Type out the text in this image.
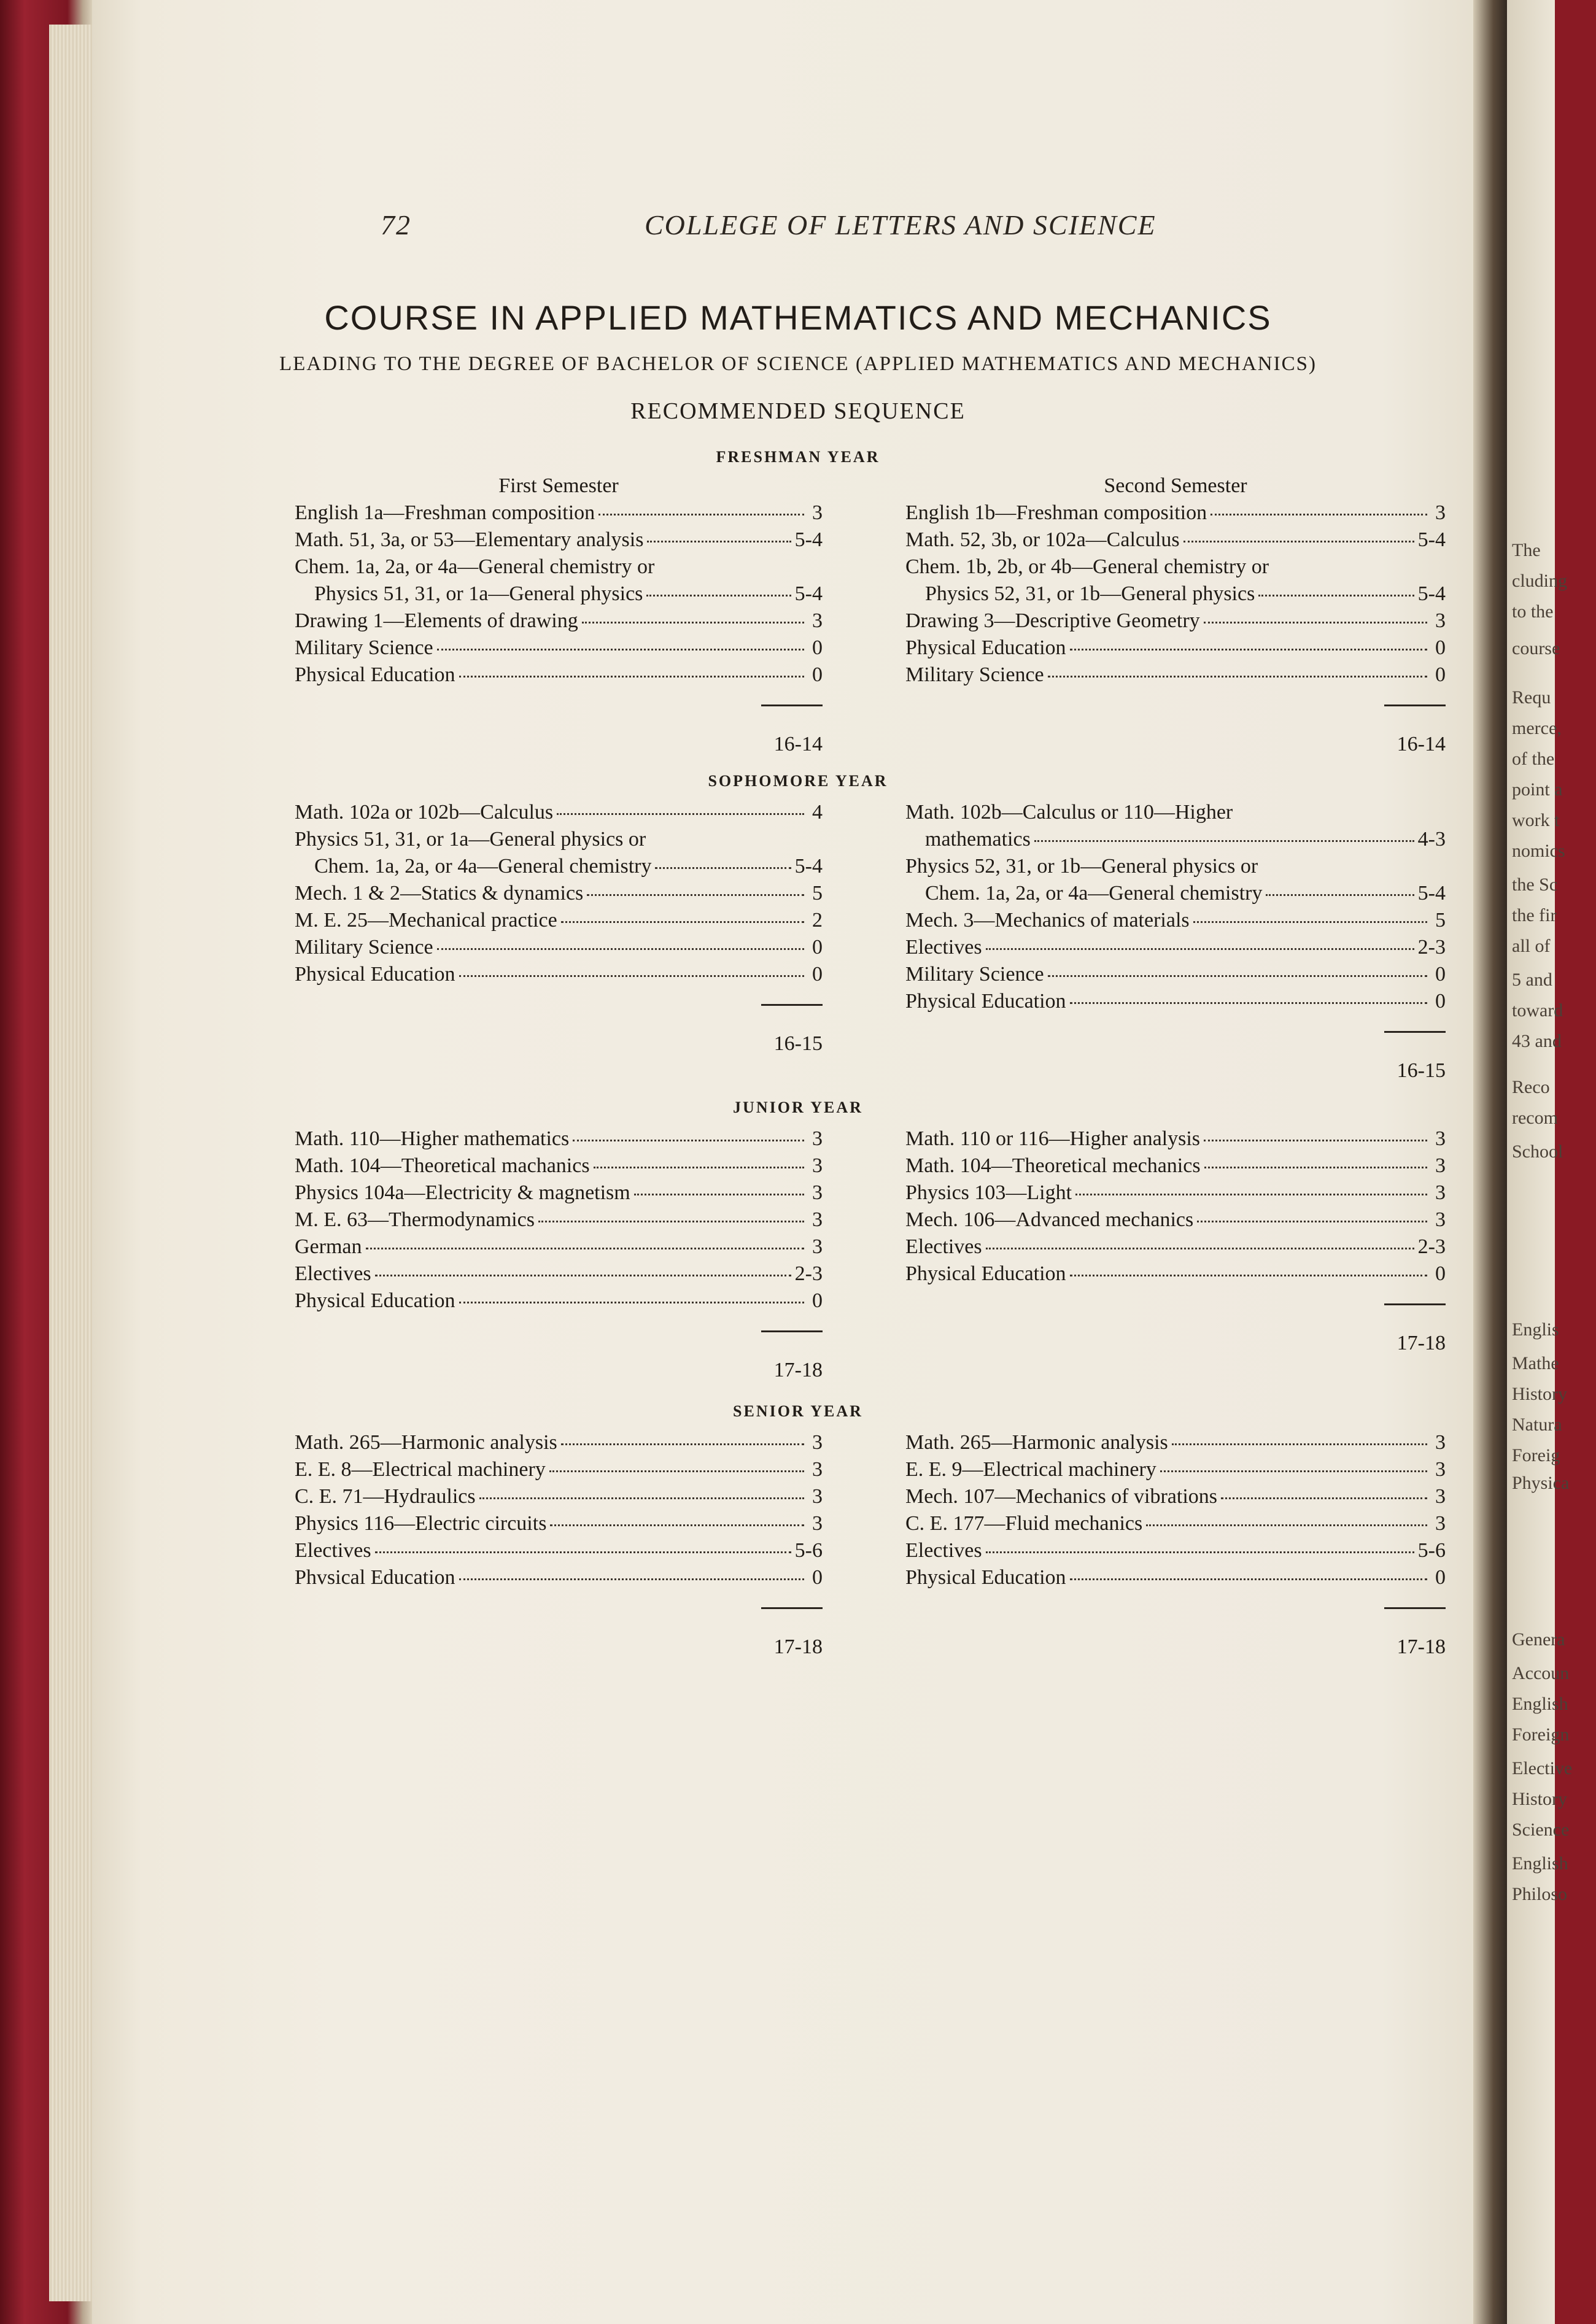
72	COLLEGE OF LETTERS AND SCIENCE
COURSE IN APPLIED MATHEMATICS AND MECHANICS
LEADING TO THE DEGREE OF BACHELOR OF SCIENCE (APPLIED MATHEMATICS AND MECHANICS)
RECOMMENDED SEQUENCE
FRESHMAN YEAR
First Semester
English 1a—Freshman composition	3
Math. 51, 3a, or 53—Elementary analysis	5-4
Chem. 1a, 2a, or 4a—General chemistry or
Physics 51, 31, or 1a—General physics	5-4
Drawing 1—Elements of drawing	3
Military Science	0
Physical Education	0
16-14
Second Semester
English 1b—Freshman composition	3
Math. 52, 3b, or 102a—Calculus	5-4
Chem. 1b, 2b, or 4b—General chemistry or
Physics 52, 31, or 1b—General physics	5-4
Drawing 3—Descriptive Geometry	3
Physical Education	0
Military Science	0
16-14
SOPHOMORE YEAR
Math. 102a or 102b—Calculus	4
Physics 51, 31, or 1a—General physics or
Chem. 1a, 2a, or 4a—General chemistry	5-4
Mech. 1 & 2—Statics & dynamics	5
M. E. 25—Mechanical practice	2
Military Science	0
Physical Education	0
16-15
Math. 102b—Calculus or 110—Higher
mathematics	4-3
Physics 52, 31, or 1b—General physics or
Chem. 1a, 2a, or 4a—General chemistry	5-4
Mech. 3—Mechanics of materials	5
Electives	2-3
Military Science	0
Physical Education	0
16-15
JUNIOR YEAR
Math. 110—Higher mathematics	3
Math. 104—Theoretical machanics	3
Physics 104a—Electricity & magnetism	3
M. E. 63—Thermodynamics	3
German	3
Electives	2-3
Physical Education	0
17-18
Math. 110 or 116—Higher analysis	3
Math. 104—Theoretical mechanics	3
Physics 103—Light	3
Mech. 106—Advanced mechanics	3
Electives	2-3
Physical Education	0
17-18
SENIOR YEAR
Math. 265—Harmonic analysis	3
E. E. 8—Electrical machinery	3
C. E. 71—Hydraulics	3
Physics 116—Electric circuits	3
Electives	5-6
Phvsical Education	0
17-18
Math. 265—Harmonic analysis	3
E. E. 9—Electrical machinery	3
Mech. 107—Mechanics of vibrations	3
C. E. 177—Fluid mechanics	3
Electives	5-6
Physical Education	0
17-18
The
cluding
to the
course
Requ
merce,
of the
point a
work t
nomics
the Sc
the fir
all of
5 and
toward
43 and
Reco
recom
School
Englis
Mathe
History
Natura
Foreig
Physica
Genera
Accoun
English
Foreign
Elective
History
Science
English
Philoso
